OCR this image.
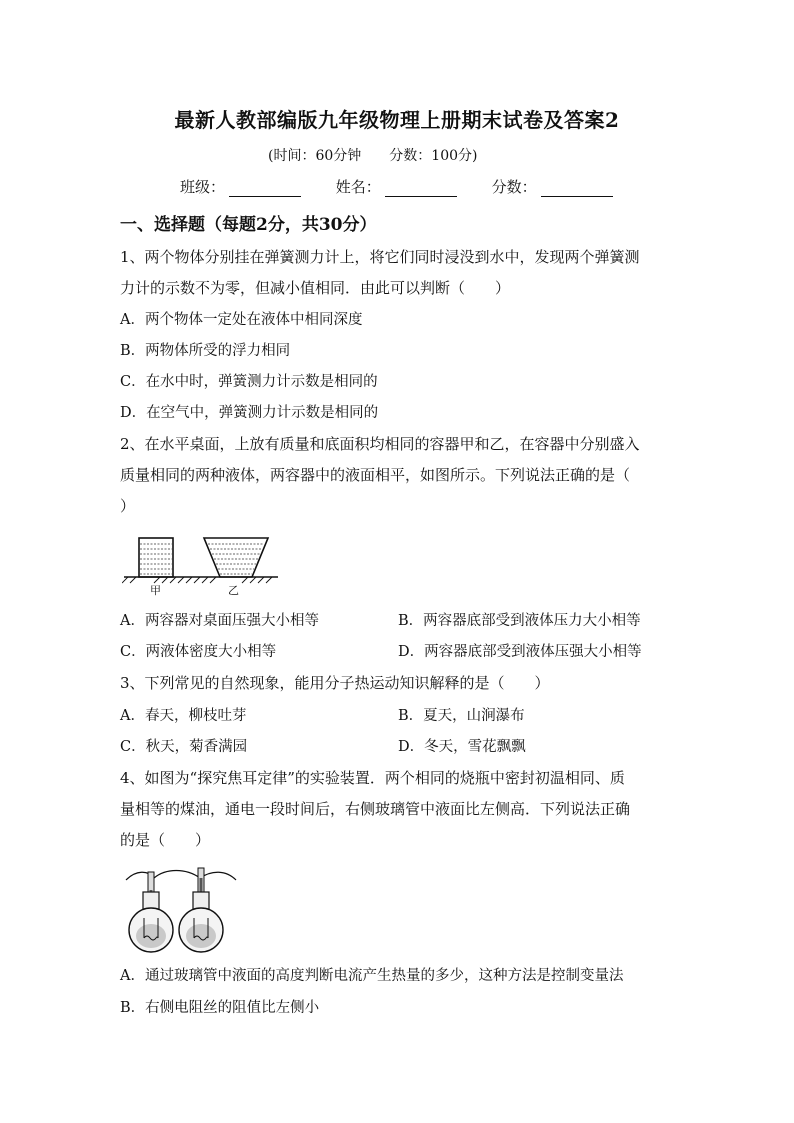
最新人教部编版九年级物理上册期末试卷及答案2
(时间：60分钟 分数：100分)
班级：	姓名：	分数：
一、选择题（每题2分，共30分）
1、两个物体分别挂在弹簧测力计上，将它们同时浸没到水中，发现两个弹簧测
力计的示数不为零，但减小值相同．由此可以判断（　　）
A．两个物体一定处在液体中相同深度
B．两物体所受的浮力相同
C．在水中时，弹簧测力计示数是相同的
D．在空气中，弹簧测力计示数是相同的
2、在水平桌面，上放有质量和底面积均相同的容器甲和乙，在容器中分别盛入
质量相同的两种液体，两容器中的液面相平，如图所示。下列说法正确的是（
）
甲	乙
A．两容器对桌面压强大小相等	B．两容器底部受到液体压力大小相等
C．两液体密度大小相等	D．两容器底部受到液体压强大小相等
3、下列常见的自然现象，能用分子热运动知识解释的是（　　）
A．春天，柳枝吐芽	B．夏天，山涧瀑布
C．秋天，菊香满园	D．冬天，雪花飘飘
4、如图为“探究焦耳定律”的实验装置．两个相同的烧瓶中密封初温相同、质
量相等的煤油，通电一段时间后，右侧玻璃管中液面比左侧高．下列说法正确
的是（　　）
A．通过玻璃管中液面的高度判断电流产生热量的多少，这种方法是控制变量法
B．右侧电阻丝的阻值比左侧小
